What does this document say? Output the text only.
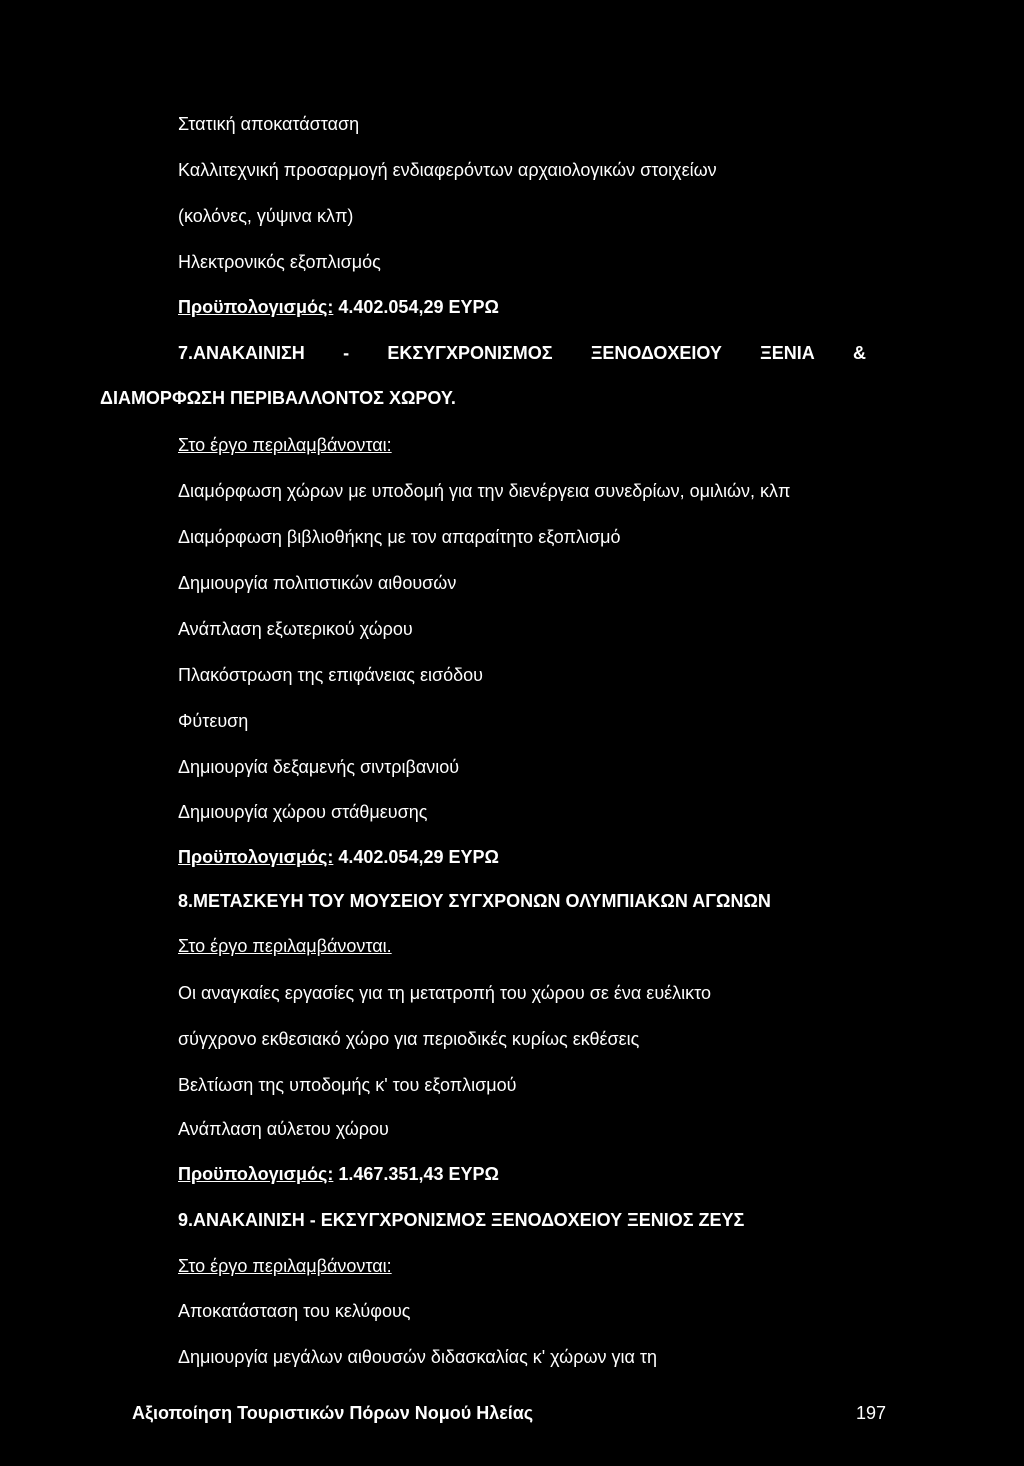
Στατική αποκατάσταση
Καλλιτεχνική προσαρμογή ενδιαφερόντων αρχαιολογικών στοιχείων
(κολόνες, γύψινα κλπ)
Ηλεκτρονικός εξοπλισμός
Προϋπολογισμός: 4.402.054,29 ΕΥΡΩ
7.ΑΝΑΚΑΙΝΙΣΗ - ΕΚΣΥΓΧΡΟΝΙΣΜΟΣ ΞΕΝΟΔΟΧΕΙΟΥ ΞΕΝΙΑ &
ΔΙΑΜΟΡΦΩΣΗ ΠΕΡΙΒΑΛΛΟΝΤΟΣ ΧΩΡΟΥ.
Στο έργο περιλαμβάνονται:
Διαμόρφωση χώρων με υποδομή για την διενέργεια συνεδρίων, ομιλιών, κλπ
Διαμόρφωση βιβλιοθήκης με τον απαραίτητο εξοπλισμό
Δημιουργία πολιτιστικών αιθουσών
Ανάπλαση εξωτερικού χώρου
Πλακόστρωση της επιφάνειας εισόδου
Φύτευση
Δημιουργία δεξαμενής σιντριβανιού
Δημιουργία χώρου στάθμευσης
Προϋπολογισμός: 4.402.054,29 ΕΥΡΩ
8.ΜΕΤΑΣΚΕΥΗ ΤΟΥ ΜΟΥΣΕΙΟΥ ΣΥΓΧΡΟΝΩΝ ΟΛΥΜΠΙΑΚΩΝ ΑΓΩΝΩΝ
Στο έργο περιλαμβάνονται.
Οι αναγκαίες εργασίες για τη μετατροπή του χώρου σε ένα ευέλικτο
σύγχρονο εκθεσιακό χώρο για περιοδικές κυρίως εκθέσεις
Βελτίωση της υποδομής κ' του εξοπλισμού
Ανάπλαση αύλετου χώρου
Προϋπολογισμός: 1.467.351,43 ΕΥΡΩ
9.ΑΝΑΚΑΙΝΙΣΗ - ΕΚΣΥΓΧΡΟΝΙΣΜΟΣ ΞΕΝΟΔΟΧΕΙΟΥ ΞΕΝΙΟΣ ΖΕΥΣ
Στο έργο περιλαμβάνονται:
Αποκατάσταση του κελύφους
Δημιουργία μεγάλων αιθουσών διδασκαλίας κ' χώρων για τη
Αξιοποίηση Τουριστικών Πόρων Νομού Ηλείας	197
